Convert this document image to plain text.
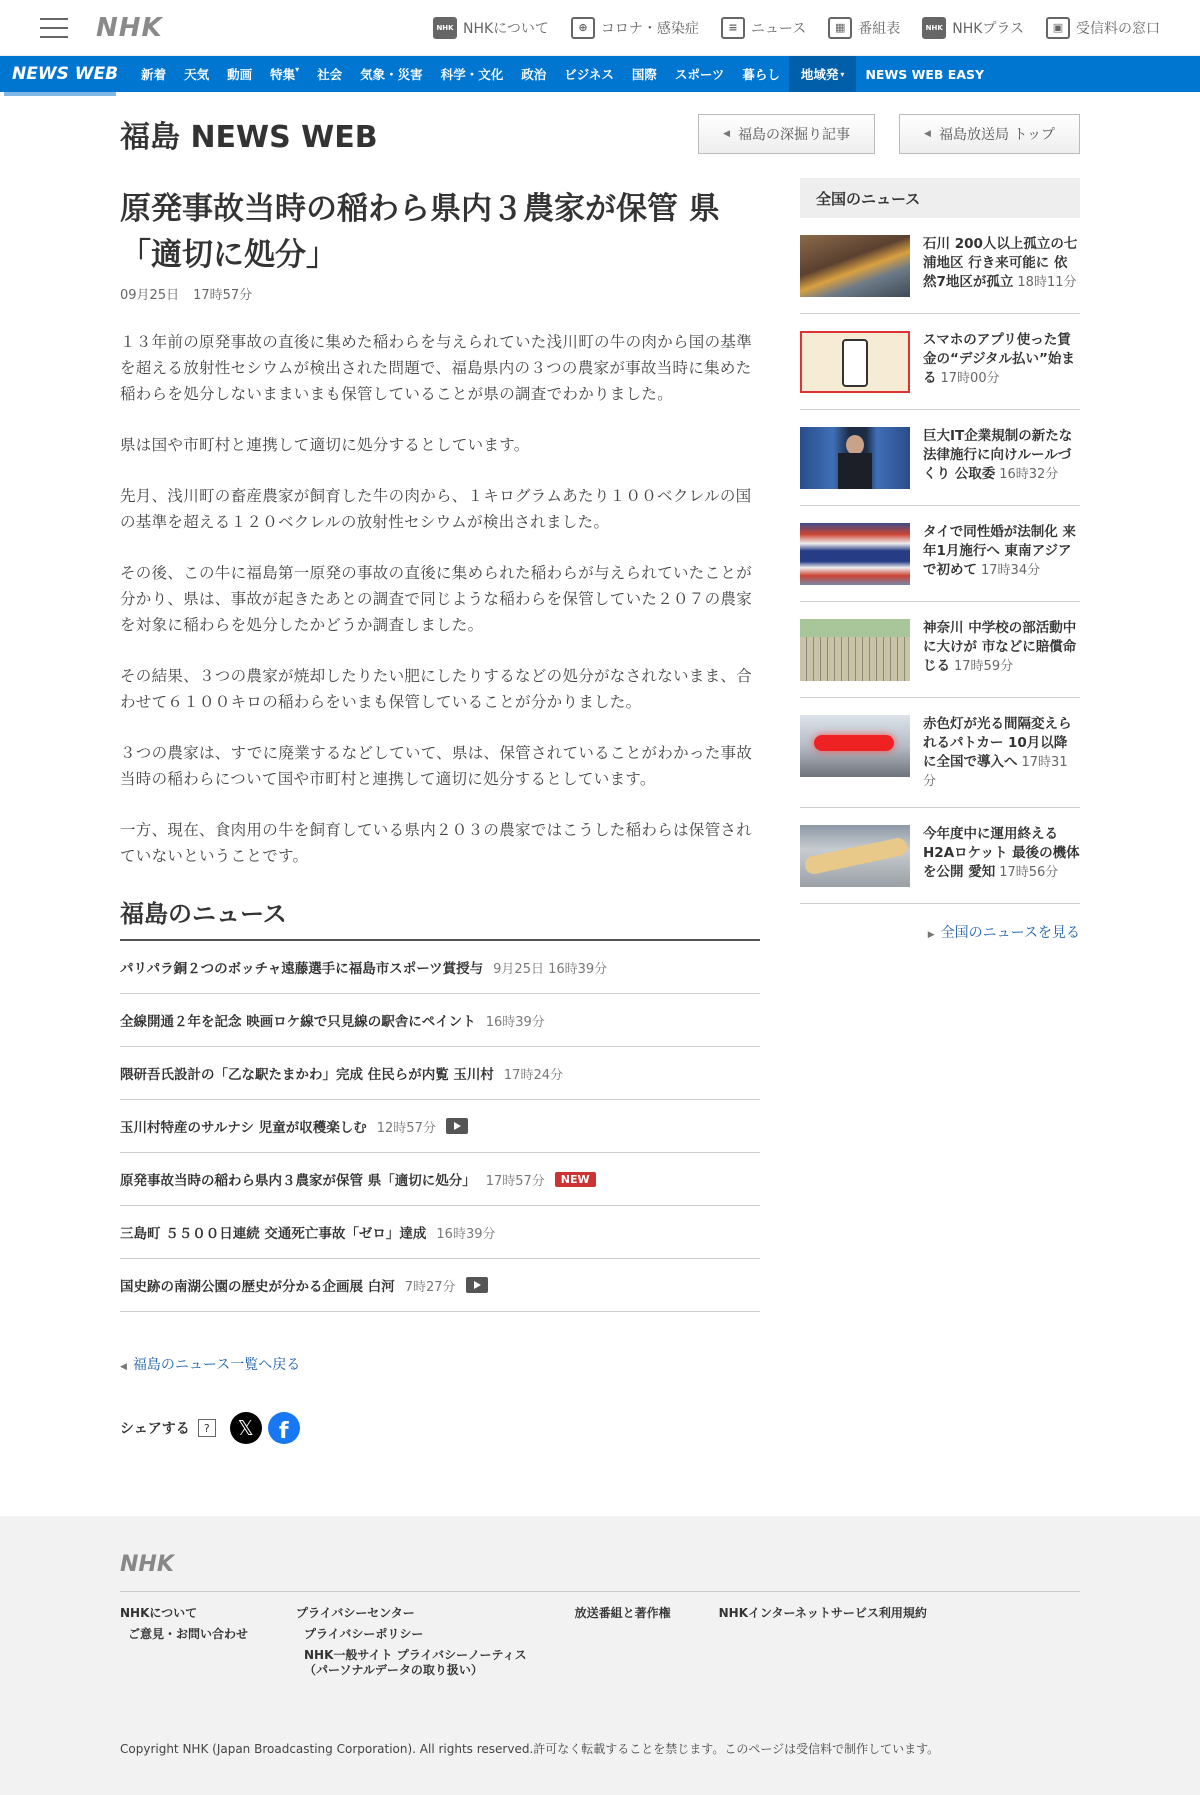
NHK	NHK NHKについて	⊕ コロナ・感染症	≡ ニュース	▦ 番組表	NHK NHKプラス	▣ 受信料の窓口
NEWS WEB	新着	天気	動画	特集▾	社会	気象・災害	科学・文化	政治	ビジネス	国際	スポーツ	暮らし	地域発 ▾	NEWS WEB EASY
福島 NEWS WEB	◀ 福島の深掘り記事	◀ 福島放送局 トップ
原発事故当時の稲わら県内３農家が保管 県「適切に処分」
09月25日 17時57分

１３年前の原発事故の直後に集めた稲わらを与えられていた浅川町の牛の肉から国の基準を超える放射性セシウムが検出された問題で、福島県内の３つの農家が事故当時に集めた稲わらを処分しないままいまも保管していることが県の調査でわかりました。

県は国や市町村と連携して適切に処分するとしています。

先月、浅川町の畜産農家が飼育した牛の肉から、１キログラムあたり１００ベクレルの国の基準を超える１２０ベクレルの放射性セシウムが検出されました。

その後、この牛に福島第一原発の事故の直後に集められた稲わらが与えられていたことが分かり、県は、事故が起きたあとの調査で同じような稲わらを保管していた２０７の農家を対象に稲わらを処分したかどうか調査しました。

その結果、３つの農家が焼却したりたい肥にしたりするなどの処分がなされないまま、合わせて６１００キロの稲わらをいまも保管していることが分かりました。

３つの農家は、すでに廃業するなどしていて、県は、保管されていることがわかった事故当時の稲わらについて国や市町村と連携して適切に処分するとしています。

一方、現在、食肉用の牛を飼育している県内２０３の農家ではこうした稲わらは保管されていないということです。

福島のニュース
パリパラ銅２つのボッチャ遠藤選手に福島市スポーツ賞授与 9月25日 16時39分
全線開通２年を記念 映画ロケ線で只見線の駅舎にペイント 16時39分
隈研吾氏設計の「乙な駅たまかわ」完成 住民らが内覧 玉川村 17時24分
玉川村特産のサルナシ 児童が収穫楽しむ 12時57分
原発事故当時の稲わら県内３農家が保管 県「適切に処分」 17時57分	NEW
三島町 ５５００日連続 交通死亡事故「ゼロ」達成 16時39分
国史跡の南湖公園の歴史が分かる企画展 白河 7時27分
◀ 福島のニュース一覧へ戻る
シェアする	?	𝕏	f
全国のニュース
石川 200人以上孤立の七浦地区 行き来可能に 依然7地区が孤立 18時11分
スマホのアプリ使った賃金の“デジタル払い”始まる 17時00分
巨大IT企業規制の新たな法律施行に向けルールづくり 公取委 16時32分
タイで同性婚が法制化 来年1月施行へ 東南アジアで初めて 17時34分
神奈川 中学校の部活動中に大けが 市などに賠償命じる 17時59分
赤色灯が光る間隔変えられるパトカー 10月以降に全国で導入へ 17時31分
今年度中に運用終える H2Aロケット 最後の機体を公開 愛知 17時56分
▶ 全国のニュースを見る
NHK
NHKについて
ご意見・お問い合わせ
プライバシーセンター
プライバシーポリシー
NHK一般サイト プライバシーノーティス
（パーソナルデータの取り扱い）
放送番組と著作権	NHKインターネットサービス利用規約
Copyright NHK (Japan Broadcasting Corporation). All rights reserved.許可なく転載することを禁じます。このページは受信料で制作しています。
